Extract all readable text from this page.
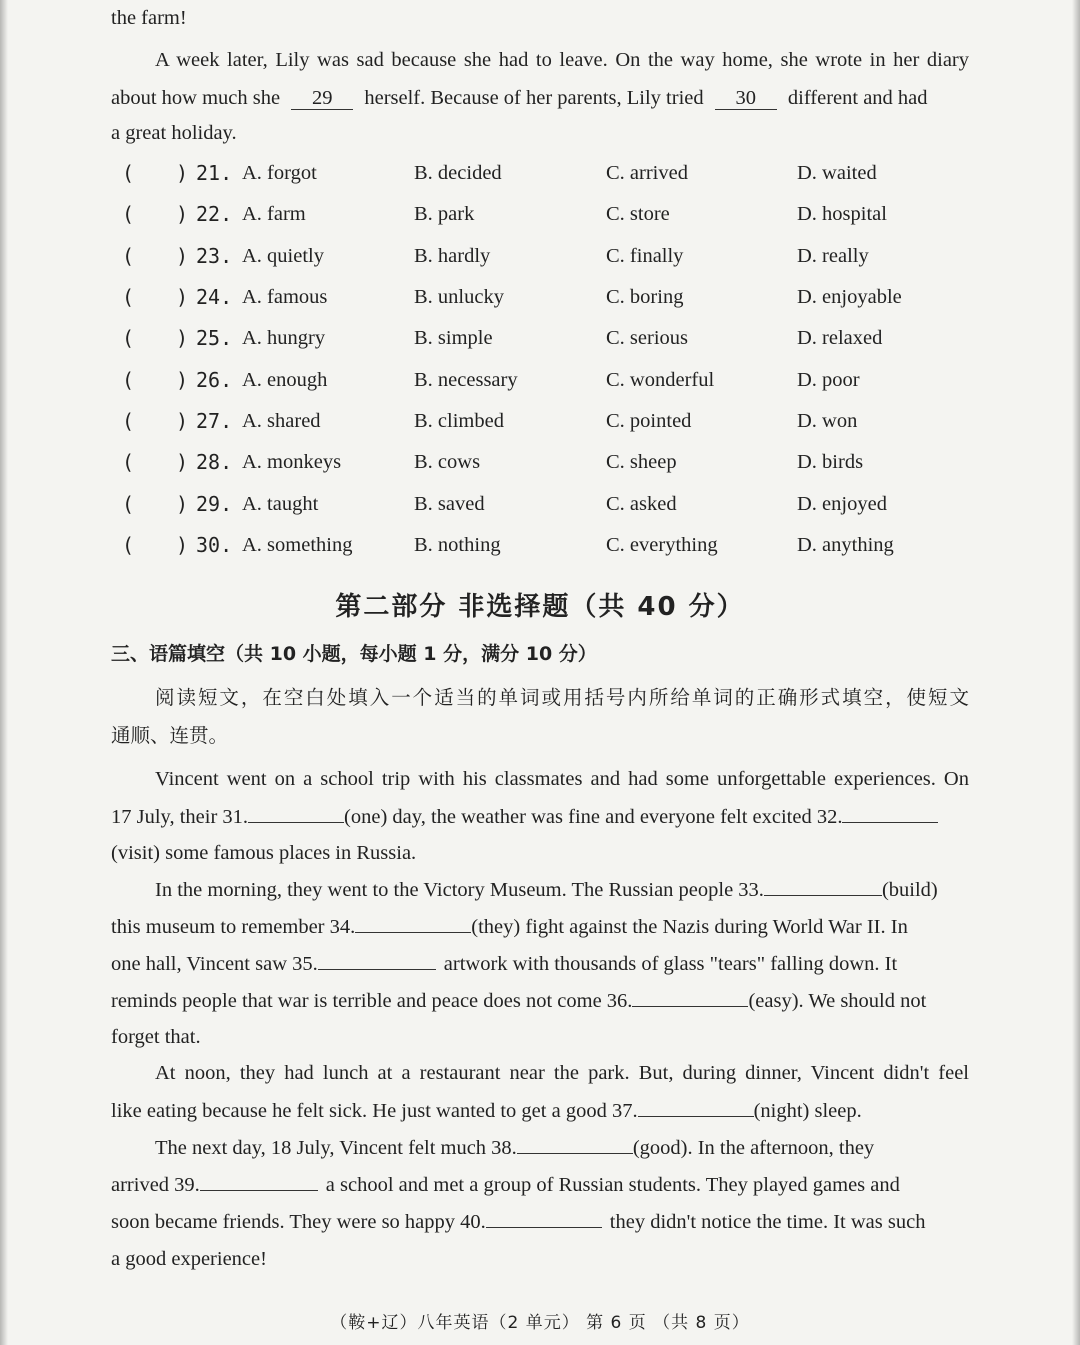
the farm!
A week later, Lily was sad because she had to leave. On the way home, she wrote in her diary
about how much she 29 herself. Because of her parents, Lily tried 30 different and had
a great holiday.
( ) 21. A. forgot	B. decided	C. arrived	D. waited
( ) 22. A. farm	B. park	C. store	D. hospital
( ) 23. A. quietly	B. hardly	C. finally	D. really
( ) 24. A. famous	B. unlucky	C. boring	D. enjoyable
( ) 25. A. hungry	B. simple	C. serious	D. relaxed
( ) 26. A. enough	B. necessary	C. wonderful	D. poor
( ) 27. A. shared	B. climbed	C. pointed	D. won
( ) 28. A. monkeys	B. cows	C. sheep	D. birds
( ) 29. A. taught	B. saved	C. asked	D. enjoyed
( ) 30. A. something	B. nothing	C. everything	D. anything
第二部分 非选择题（共 40 分）
三、语篇填空（共 10 小题，每小题 1 分，满分 10 分）
阅读短文，在空白处填入一个适当的单词或用括号内所给单词的正确形式填空，使短文
通顺、连贯。
Vincent went on a school trip with his classmates and had some unforgettable experiences. On
17 July, their 31.	(one) day, the weather was fine and everyone felt excited 32.
(visit) some famous places in Russia.
In the morning, they went to the Victory Museum. The Russian people 33.	(build)
this museum to remember 34.	(they) fight against the Nazis during World War II. In
one hall, Vincent saw 35.	artwork with thousands of glass "tears" falling down. It
reminds people that war is terrible and peace does not come 36.	(easy). We should not
forget that.
At noon, they had lunch at a restaurant near the park. But, during dinner, Vincent didn't feel
like eating because he felt sick. He just wanted to get a good 37.	(night) sleep.
The next day, 18 July, Vincent felt much 38.	(good). In the afternoon, they
arrived 39.	a school and met a group of Russian students. They played games and
soon became friends. They were so happy 40.	they didn't notice the time. It was such
a good experience!
（鞍+辽）八年英语（2 单元） 第 6 页 （共 8 页）
